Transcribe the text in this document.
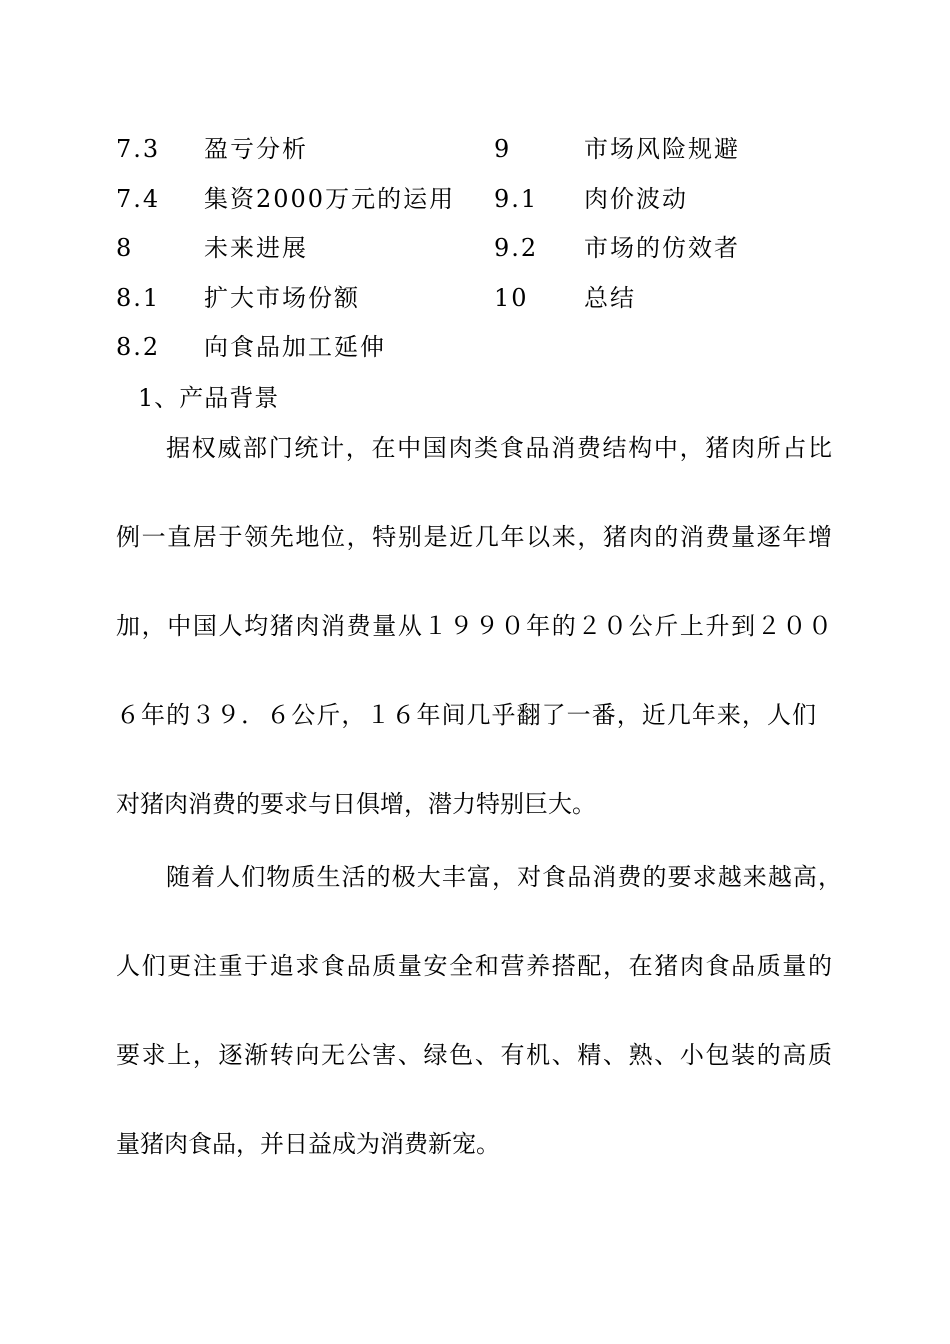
7.3 盈亏分析	9	市场风险规避
7.4 集资2000万元的运用 9.1 肉价波动
8	未来进展	9.2 市场的仿效者
8.1 扩大市场份额	10 总结
8.2 向食品加工延伸
1、产品背景
据权威部门统计，在中国肉类食品消费结构中，猪肉所占比
例一直居于领先地位，特别是近几年以来，猪肉的消费量逐年增
加，中国人均猪肉消费量从１９９０年的２０公斤上升到２００
６年的３９．６公斤，１６年间几乎翻了一番，近几年来，人们
对猪肉消费的要求与日俱增，潜力特别巨大。
随着人们物质生活的极大丰富，对食品消费的要求越来越高，
人们更注重于追求食品质量安全和营养搭配，在猪肉食品质量的
要求上，逐渐转向无公害、绿色、有机、精、熟、小包装的高质
量猪肉食品，并日益成为消费新宠。
